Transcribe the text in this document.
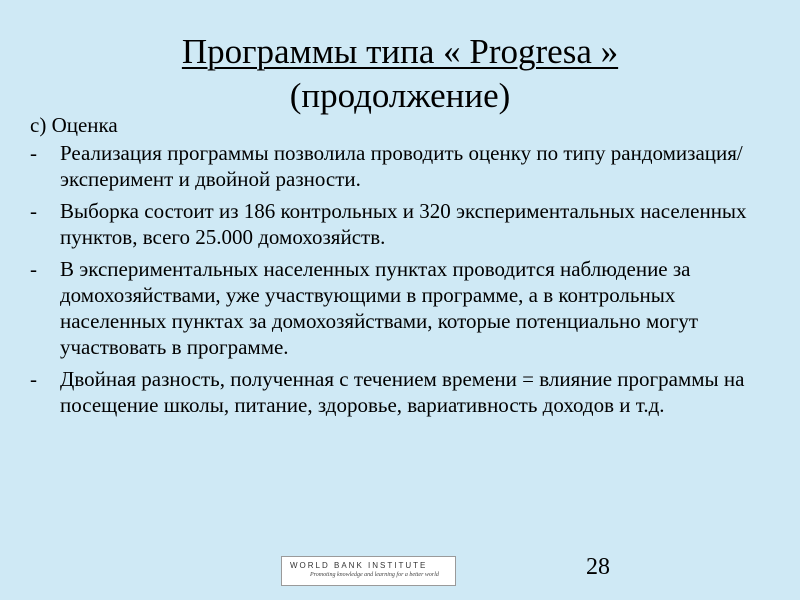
Программы типа « Progresa »
(продолжение)

c) Оценка

-	Реализация программы позволила проводить оценку по типу рандомизация/эксперимент и двойной разности.
-	Выборка состоит из 186 контрольных и 320 экспериментальных населенных пунктов, всего 25.000 домохозяйств.
-	В экспериментальных населенных пунктах проводится наблюдение за домохозяйствами, уже участвующими в программе, а в контрольных населенных пунктах за домохозяйствами, которые потенциально могут участвовать в программе.
-	Двойная разность, полученная с течением времени = влияние программы на посещение школы, питание, здоровье, вариативность доходов и т.д.
WORLD BANK INSTITUTE
Promoting knowledge and learning for a better world	28
